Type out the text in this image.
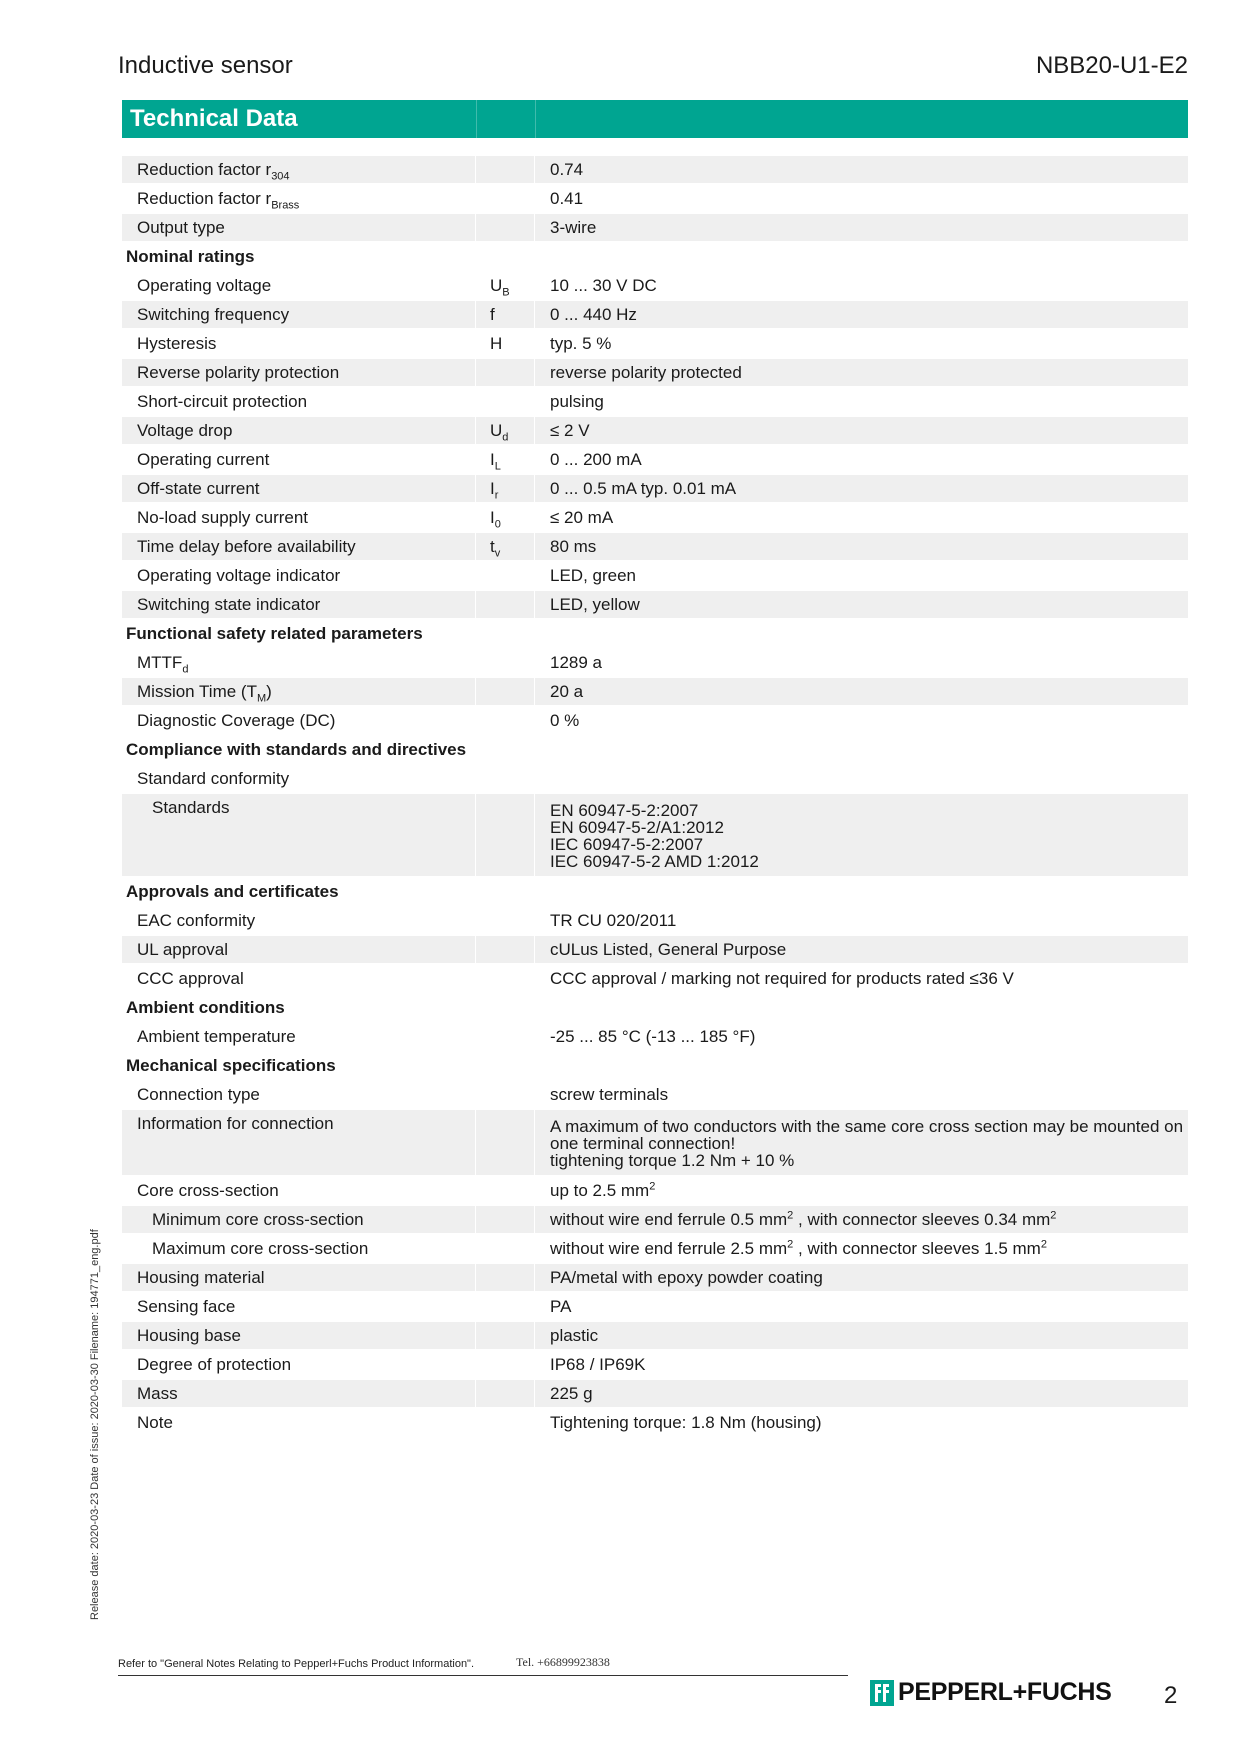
Inductive sensor	NBB20-U1-E2
Technical Data
Reduction factor $r_{304}$	0.74
Reduction factor $r_{Brass}$	0.41
Output type	3-wire
Nominal ratings
Operating voltage	$U_B$	10 ... 30 V DC
Switching frequency	f	0 ... 440 Hz
Hysteresis	H	typ. 5 %
Reverse polarity protection	reverse polarity protected
Short-circuit protection	pulsing
Voltage drop	$U_d$	≤ 2 V
Operating current	$I_L$	0 ... 200 mA
Off-state current	$I_r$	0 ... 0.5 mA typ. 0.01 mA
No-load supply current	$I_0$	≤ 20 mA
Time delay before availability	$t_v$	80 ms
Operating voltage indicator	LED, green
Switching state indicator	LED, yellow
Functional safety related parameters
$MTTF_d$	1289 a
Mission Time $(T_M)$	20 a
Diagnostic Coverage (DC)	0 %
Compliance with standards and directives
Standard conformity
Standards	EN 60947-5-2:2007
EN 60947-5-2/A1:2012
IEC 60947-5-2:2007
IEC 60947-5-2 AMD 1:2012
Approvals and certificates
EAC conformity	TR CU 020/2011
UL approval	cULus Listed, General Purpose
CCC approval	CCC approval / marking not required for products rated ≤36 V
Ambient conditions
Ambient temperature	-25 ... 85 °C (-13 ... 185 °F)
Mechanical specifications
Connection type	screw terminals
Information for connection	A maximum of two conductors with the same core cross section may be mounted on
one terminal connection!
tightening torque 1.2 Nm + 10 %
Core cross-section	up to 2.5 $mm^2$
Minimum core cross-section	without wire end ferrule 0.5 $mm^2$ , with connector sleeves 0.34 $mm^2$
Maximum core cross-section	without wire end ferrule 2.5 $mm^2$ , with connector sleeves 1.5 $mm^2$
Housing material	PA/metal with epoxy powder coating
Sensing face	PA
Housing base	plastic
Degree of protection	IP68 / IP69K
Mass	225 g
Note	Tightening torque: 1.8 Nm (housing)
Release date: 2020-03-23 Date of issue: 2020-03-30 Filename: 194771_eng.pdf
Refer to "General Notes Relating to Pepperl+Fuchs Product Information".	Tel. +66899923838
PEPPERL+FUCHS 2
